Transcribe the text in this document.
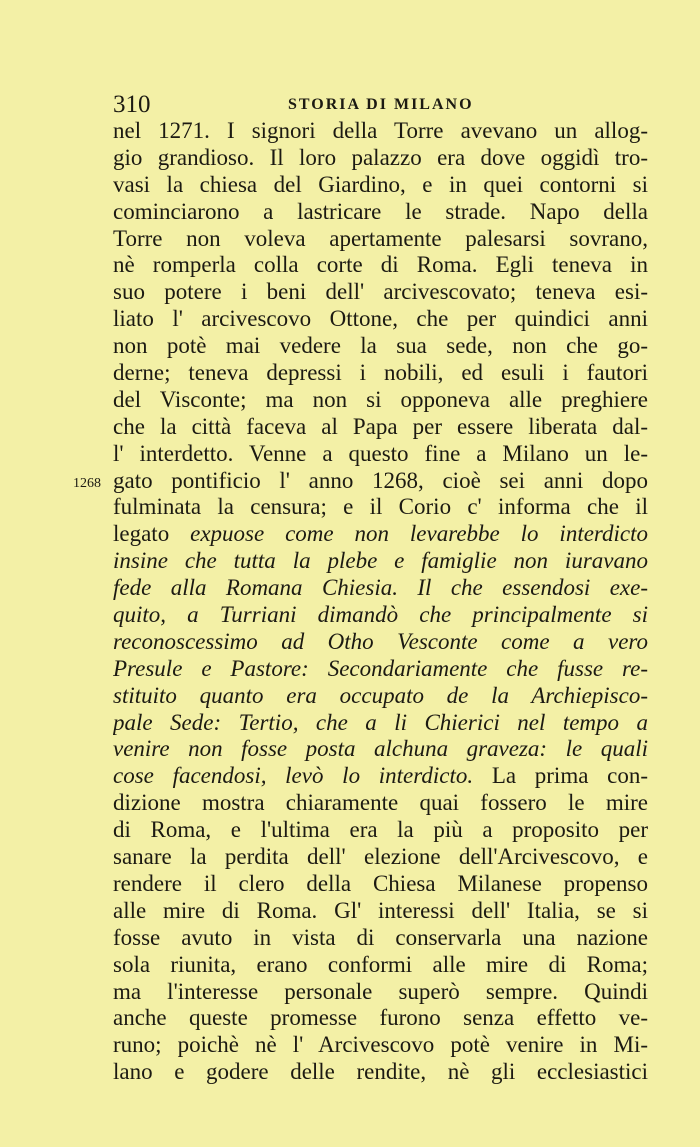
310	STORIA DI MILANO
1268
nel 1271. I signori della Torre avevano un allog-
gio grandioso. Il loro palazzo era dove oggidì tro-
vasi la chiesa del Giardino, e in quei contorni si
cominciarono a lastricare le strade. Napo della
Torre non voleva apertamente palesarsi sovrano,
nè romperla colla corte di Roma. Egli teneva in
suo potere i beni dell' arcivescovato; teneva esi-
liato l' arcivescovo Ottone, che per quindici anni
non potè mai vedere la sua sede, non che go-
derne; teneva depressi i nobili, ed esuli i fautori
del Visconte; ma non si opponeva alle preghiere
che la città faceva al Papa per essere liberata dal-
l' interdetto. Venne a questo fine a Milano un le-
gato pontificio l' anno 1268, cioè sei anni dopo
fulminata la censura; e il Corio c' informa che il
legato expuose come non levarebbe lo interdicto
insine che tutta la plebe e famiglie non iuravano
fede alla Romana Chiesia. Il che essendosi exe-
quito, a Turriani dimandò che principalmente si
reconoscessimo ad Otho Vesconte come a vero
Presule e Pastore: Secondariamente che fusse re-
stituito quanto era occupato de la Archiepisco-
pale Sede: Tertio, che a li Chierici nel tempo a
venire non fosse posta alchuna graveza: le quali
cose facendosi, levò lo interdicto. La prima con-
dizione mostra chiaramente quai fossero le mire
di Roma, e l'ultima era la più a proposito per
sanare la perdita dell' elezione dell'Arcivescovo, e
rendere il clero della Chiesa Milanese propenso
alle mire di Roma. Gl' interessi dell' Italia, se si
fosse avuto in vista di conservarla una nazione
sola riunita, erano conformi alle mire di Roma;
ma l'interesse personale superò sempre. Quindi
anche queste promesse furono senza effetto ve-
runo; poichè nè l' Arcivescovo potè venire in Mi-
lano e godere delle rendite, nè gli ecclesiastici
